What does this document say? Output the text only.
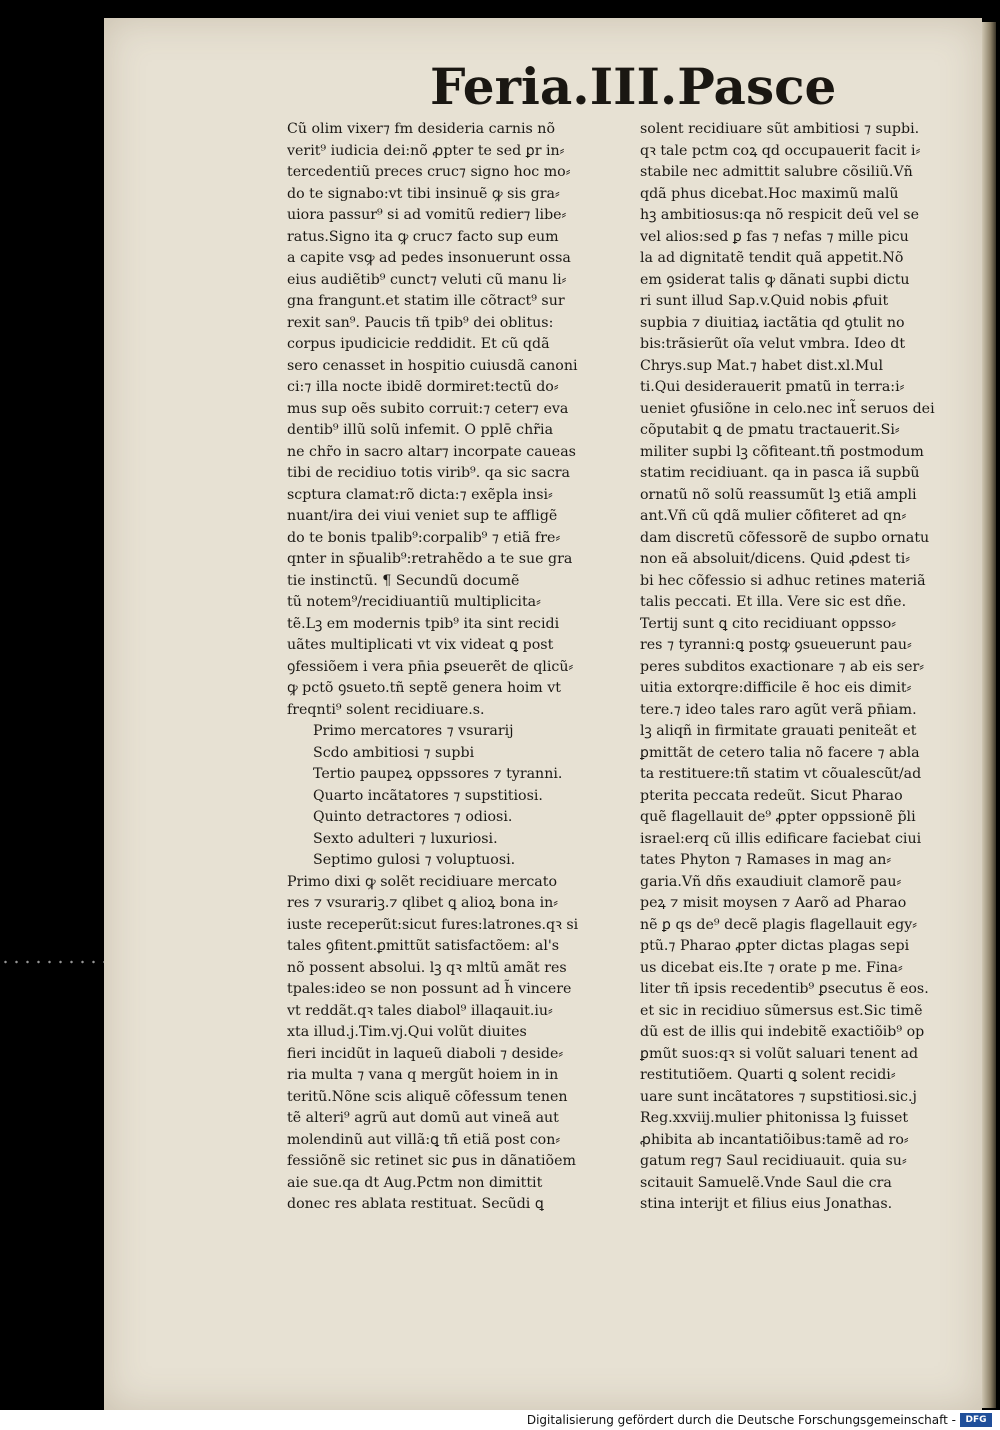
Feria.III.Pasce
Cũ olim vixer⁊ fm desideria carnis nõ
verit⁹ iudicia dei:nõ ꝓpter te sed ꝑr in⸗
tercedentiũ preces cruc⁊ signo hoc mo⸗
do te signabo:vt tibi insinuẽ ꝙ sis gra⸗
uiora passur⁹ si ad vomitũ redier⁊ libe⸗
ratus.Signo ita ꝙ cruc⁊ facto sup eum
a capite vsꝙ ad pedes insonuerunt ossa
eius audiẽtib⁹ cunct⁊ veluti cũ manu li⸗
gna frangunt.et statim ille cõtract⁹ sur
rexit san⁹. Paucis tñ tpib⁹ dei oblitus:
corpus ipudicicie reddidit. Et cũ qdã
sero cenasset in hospitio cuiusdã canoni
ci:⁊ illa nocte ibidẽ dormiret:tectũ do⸗
mus sup oẽs subito corruit:⁊ ceter⁊ eva
dentib⁹ illũ solũ infemit. O pplē chr̃ia
ne chr̃o in sacro altar⁊ incorpate caueas
tibi de recidiuo totis virib⁹. qa sic sacra
scptura clamat:rõ dicta:⁊ exẽpla insi⸗
nuant/ira dei viui veniet sup te affligẽ
do te bonis tpalib⁹:corpalib⁹ ⁊ etiã fre⸗
qnter in sp̃ualib⁹:retrahẽdo a te sue gra
tie instinctũ. ¶ Secundũ documẽ
tũ notem⁹/recidiuantiũ multiplicita⸗
tẽ.Lꝫ em modernis tpib⁹ ita sint recidi
uãtes multiplicati vt vix videat ꝗ post
ꝯfessiõem i vera pn̄ia ꝑseuerẽt de qlicũ⸗
ꝙ pctõ ꝯsueto.tñ septẽ genera hoim vt
freqnti⁹ solent recidiuare.s.
Primo mercatores ⁊ vsurarij
Scdo ambitiosi ⁊ supbi
Tertio paupeꝝ oppssores ⁊ tyranni.
Quarto incãtatores ⁊ supstitiosi.
Quinto detractores ⁊ odiosi.
Sexto adulteri ⁊ luxuriosi.
Septimo gulosi ⁊ voluptuosi.
Primo dixi ꝙ solẽt recidiuare mercato
res ⁊ vsurariꝫ.⁊ qlibet ꝗ alioꝝ bona in⸗
iuste receperũt:sicut fures:latrones.qꝛ si
tales ꝯfitent.ꝑmittũt satisfactõem: al's
nõ possent absolui. lꝫ qꝛ mltũ amãt res
tpales:ideo se non possunt ad h̃ vincere
vt reddãt.qꝛ tales diabol⁹ illaqauit.iu⸗
xta illud.j.Tim.vj.Qui volũt diuites
fieri incidũt in laqueũ diaboli ⁊ deside⸗
ria multa ⁊ vana q mergũt hoiem in in
teritũ.Nõne scis aliquẽ cõfessum tenen
tẽ alteri⁹ agrũ aut domũ aut vineã aut
molendinũ aut villã:ꝗ tñ etiã post con⸗
fessiõnẽ sic retinet sic ꝑus in dãnatiõem
aie sue.qa dt Aug.Pctm non dimittit
donec res ablata restituat. Secũdi ꝗ
solent recidiuare sũt ambitiosi ⁊ supbi.
qꝛ tale pctm coꝝ qd occupauerit facit i⸗
stabile nec admittit salubre cõsiliũ.Vñ
qdã phus dicebat.Hoc maximũ malũ
hꝫ ambitiosus:qa nõ respicit deũ vel se
vel alios:sed ꝑ fas ⁊ nefas ⁊ mille picu
la ad dignitatẽ tendit quã appetit.Nõ
em ꝯsiderat talis ꝙ dãnati supbi dictu
ri sunt illud Sap.v.Quid nobis ꝓfuit
supbia ⁊ diuitiaꝝ iactãtia qd ꝯtulit no
bis:trãsierũt oĩa velut vmbra. Ideo dt
Chrys.sup Mat.⁊ habet dist.xl.Mul
ti.Qui desiderauerit pmatũ in terra:i⸗
ueniet ꝯfusiõne in celo.nec int̃ seruos dei
cõputabit ꝗ de pmatu tractauerit.Si⸗
militer supbi lꝫ cõfiteant.tñ postmodum
statim recidiuant. qa in pasca iã supbũ
ornatũ nõ solũ reassumũt lꝫ etiã ampli
ant.Vñ cũ qdã mulier cõfiteret ad qn⸗
dam discretũ cõfessorẽ de supbo ornatu
non eã absoluit/dicens. Quid ꝓdest ti⸗
bi hec cõfessio si adhuc retines materiã
talis peccati. Et illa. Vere sic est dñe.
Tertij sunt ꝗ cito recidiuant oppsso⸗
res ⁊ tyranni:ꝗ postꝙ ꝯsueuerunt pau⸗
peres subditos exactionare ⁊ ab eis ser⸗
uitia extorqre:difficile ẽ hoc eis dimit⸗
tere.⁊ ideo tales raro agũt verã pn̄iam.
lꝫ aliqñ in firmitate grauati peniteãt et
ꝑmittãt de cetero talia nõ facere ⁊ abla
ta restituere:tñ statim vt cõualescũt/ad
pterita peccata redeũt. Sicut Pharao
quẽ flagellauit de⁹ ꝓpter oppssionẽ p̃li
israel:erq cũ illis edificare faciebat ciui
tates Phyton ⁊ Ramases in mag an⸗
garia.Vñ dñs exaudiuit clamorẽ pau⸗
peꝝ ⁊ misit moysen ⁊ Aarõ ad Pharao
nẽ ꝑ qs de⁹ decẽ plagis flagellauit egy⸗
ptũ.⁊ Pharao ꝓpter dictas plagas sepi
us dicebat eis.Ite ⁊ orate p me. Fina⸗
liter tñ ipsis recedentib⁹ ꝑsecutus ẽ eos.
et sic in recidiuo sũmersus est.Sic timẽ
dũ est de illis qui indebitẽ exactiõib⁹ op
ꝑmũt suos:qꝛ si volũt saluari tenent ad
restitutiõem. Quarti ꝗ solent recidi⸗
uare sunt incãtatores ⁊ supstitiosi.sic.j
Reg.xxviij.mulier phitonissa lꝫ fuisset
ꝓhibita ab incantatiõibus:tamẽ ad ro⸗
gatum reg⁊ Saul recidiuauit. quia su⸗
scitauit Samuelẽ.Vnde Saul die cra
stina interijt et filius eius Jonathas.
Digitalisierung gefördert durch die Deutsche Forschungsgemeinschaft -	DFG
